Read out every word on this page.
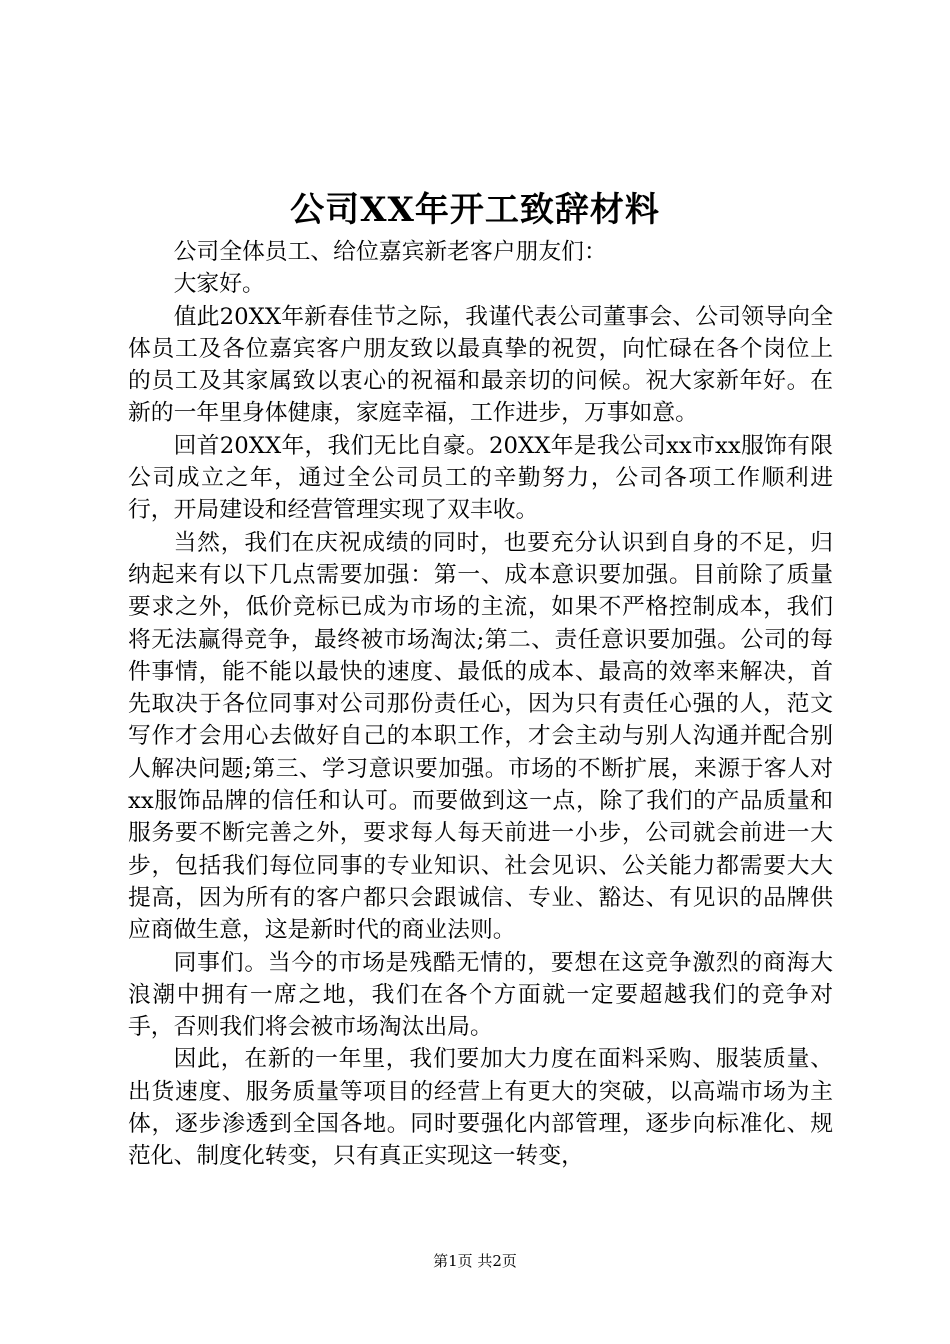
公司XX年开工致辞材料

公司全体员工、给位嘉宾新老客户朋友们：

大家好。

值此20XX年新春佳节之际，我谨代表公司董事会、公司领导向全体员工及各位嘉宾客户朋友致以最真挚的祝贺，向忙碌在各个岗位上的员工及其家属致以衷心的祝福和最亲切的问候。祝大家新年好。在新的一年里身体健康，家庭幸福，工作进步，万事如意。

回首20XX年，我们无比自豪。20XX年是我公司xx市xx服饰有限公司成立之年，通过全公司员工的辛勤努力，公司各项工作顺利进行，开局建设和经营管理实现了双丰收。

当然，我们在庆祝成绩的同时，也要充分认识到自身的不足，归纳起来有以下几点需要加强：第一、成本意识要加强。目前除了质量要求之外，低价竞标已成为市场的主流，如果不严格控制成本，我们将无法赢得竞争，最终被市场淘汰;第二、责任意识要加强。公司的每件事情，能不能以最快的速度、最低的成本、最高的效率来解决，首先取决于各位同事对公司那份责任心，因为只有责任心强的人，范文写作才会用心去做好自己的本职工作，才会主动与别人沟通并配合别人解决问题;第三、学习意识要加强。市场的不断扩展，来源于客人对xx服饰品牌的信任和认可。而要做到这一点，除了我们的产品质量和服务要不断完善之外，要求每人每天前进一小步，公司就会前进一大步，包括我们每位同事的专业知识、社会见识、公关能力都需要大大提高，因为所有的客户都只会跟诚信、专业、豁达、有见识的品牌供应商做生意，这是新时代的商业法则。

同事们。当今的市场是残酷无情的，要想在这竞争激烈的商海大浪潮中拥有一席之地，我们在各个方面就一定要超越我们的竞争对手，否则我们将会被市场淘汰出局。

因此，在新的一年里，我们要加大力度在面料采购、服装质量、出货速度、服务质量等项目的经营上有更大的突破，以高端市场为主体，逐步渗透到全国各地。同时要强化内部管理，逐步向标准化、规范化、制度化转变，只有真正实现这一转变，

第1页 共2页
